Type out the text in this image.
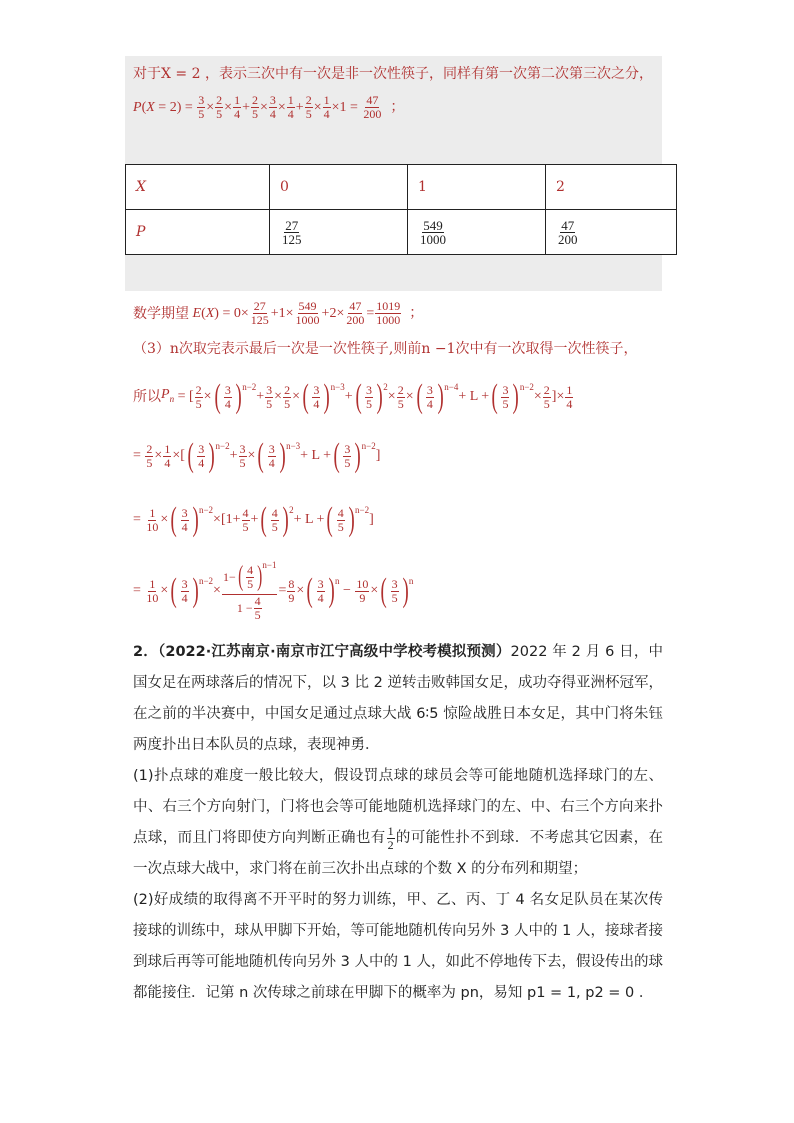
对于X = 2 ，表示三次中有一次是非一次性筷子，同样有第一次第二次第三次之分，
P ( $X = 2) = \frac{3}{5} \times \frac{2}{5} \times \frac{1}{4} + \frac{2}{5} \times \frac{3}{4} \times \frac{1}{4} + \frac{2}{5} \times \frac{1}{4} \times 1 = \frac{47}{200}$ ；
X	0	1	2
P	$\frac{27}{125}$	$\frac{549}{1000}$	$\frac{47}{200}$
数学期望
E ( X ) = $0\times \frac{27}{125} +1\times \frac{549}{1000} +2\times \frac{47}{200} = \frac{1019}{1000}$ ；
（3）n次取完表示最后一次是一次性筷子,则前n −1次中有一次取得一次性筷子，
所以 $P_n$ = [ $\frac{2}{5}$ × ( $\frac{3}{4}$ ) n−2
+ $\frac{3}{5} \times \frac{2}{5}$ × ( $\frac{3}{4}$ ) n−3
+ ( $\frac{3}{5}$ ) 2
× $\frac{2}{5}$ × ( $\frac{3}{4}$ ) n−4
+ L + ( $\frac{3}{5}$ ) n−2
× $\frac{2}{5}$ ]× $\frac{1}{4}$
= $\frac{2}{5} \times \frac{1}{4}$ ×[ ( $\frac{3}{4}$ ) n−2
+ $\frac{3}{5}$ × ( $\frac{3}{4}$ ) n−3
+ L + ( $\frac{3}{5}$ ) n−2
]
= $\frac{1}{10}$ × ( $\frac{3}{4}$ ) n−2
$\times[1+ \frac{4}{5}$ + ( $\frac{4}{5}$ ) 2
+ L + ( $\frac{4}{5}$ ) n−2
]
= $\frac{1}{10}$ × ( $\frac{3}{4}$ ) n−2
× $\frac{1- ( \frac{4}{5} ) n-1}{1 - \frac{4}{5}} = \frac{8}{9}$ × ( $\frac{3}{4}$ ) n
− $\frac{10}{9}$ × ( $\frac{3}{5}$ ) n

2．（2022·江苏南京·南京市江宁高级中学校考模拟预测）2022 年 2 月 6 日，中国女足在两球落后的情况下，以 3 比 2 逆转击败韩国女足，成功夺得亚洲杯冠军，在之前的半决赛中，中国女足通过点球大战 6∶5 惊险战胜日本女足，其中门将朱钰两度扑出日本队员的点球，表现神勇．

(1)扑点球的难度一般比较大，假设罚点球的球员会等可能地随机选择球门的左、中、右三个方向射门，门将也会等可能地随机选择球门的左、中、右三个方向来扑点球，而且门将即使方向判断正确也有 $\frac{1}{2}$ 的可能性扑不到球．不考虑其它因素，在一次点球大战中，求门将在前三次扑出点球的个数 X 的分布列和期望；

(2)好成绩的取得离不开平时的努力训练，甲、乙、丙、丁 4 名女足队员在某次传接球的训练中，球从甲脚下开始，等可能地随机传向另外 3 人中的 1 人，接球者接到球后再等可能地随机传向另外 3 人中的 1 人，如此不停地传下去，假设传出的球都能接住．记第 n 次传球之前球在甲脚下的概率为 pn，易知 p1 = 1, p2 = 0 ．
